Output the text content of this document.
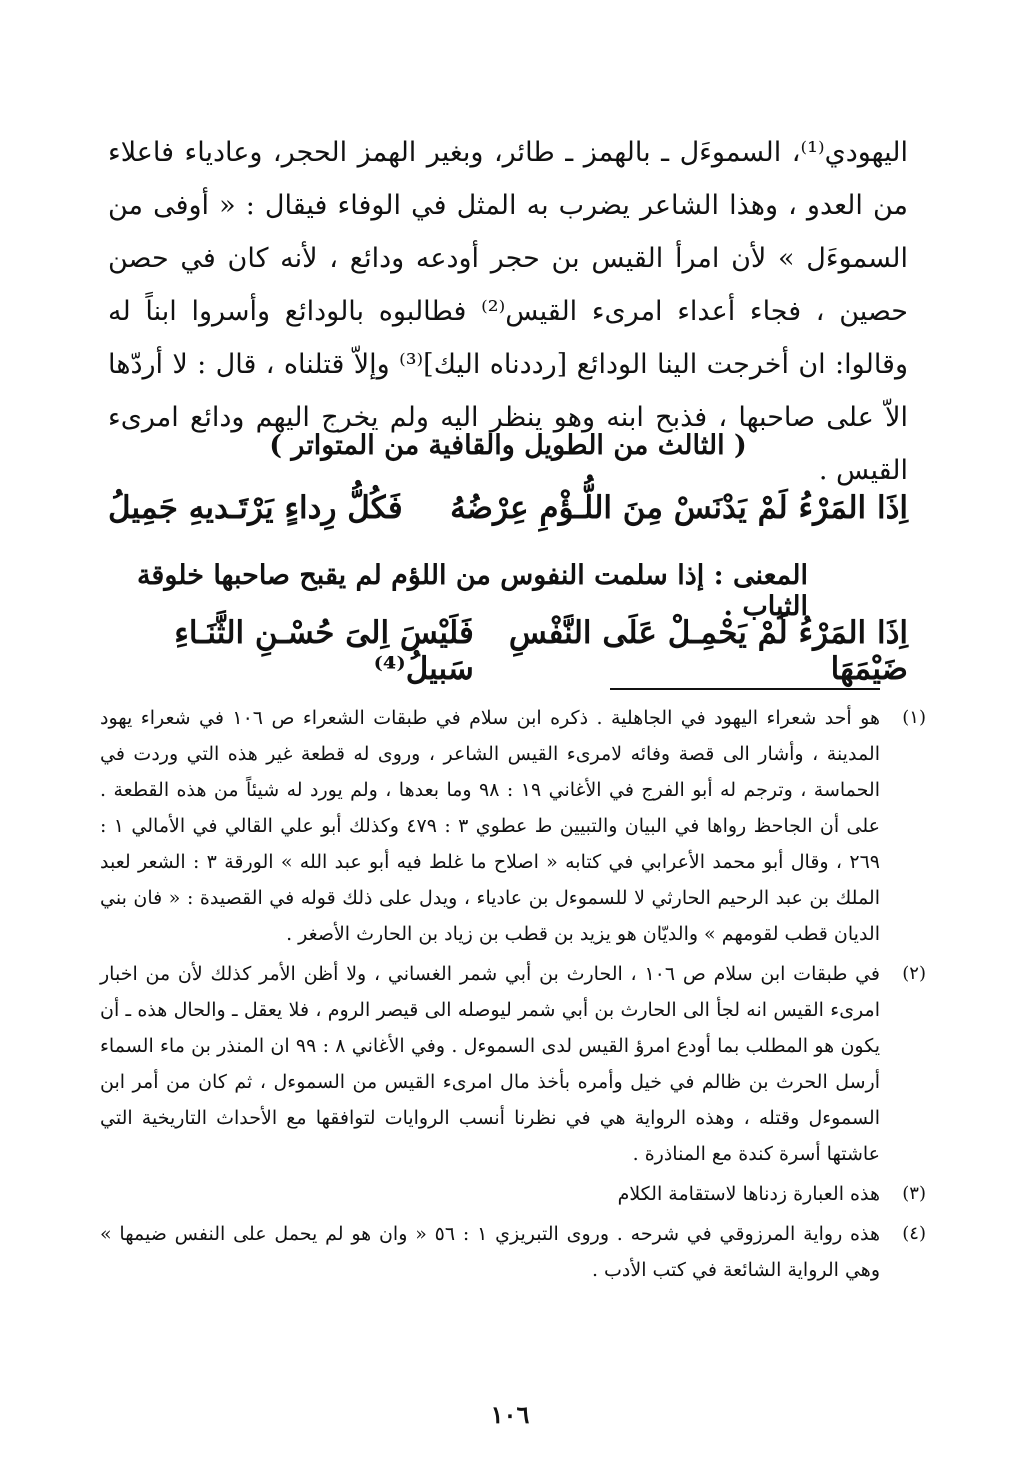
اليهودي⁽¹⁾، السموءَل ـ بالهمز ـ طائر، وبغير الهمز الحجر، وعادياء فاعلاء من العدو ، وهذا الشاعر يضرب به المثل في الوفاء فيقال : « أوفى من السموءَل » لأن امرأ القيس بن حجر أودعه ودائع ، لأنه كان في حصن حصين ، فجاء أعداء امرىء القيس⁽²⁾ فطالبوه بالودائع وأسروا ابناً له وقالوا: ان أخرجت الينا الودائع [رددناه اليك]⁽³⁾ وإلاّ قتلناه ، قال : لا أردّها الاّ على صاحبها ، فذبح ابنه وهو ينظر اليه ولم يخرج اليهم ودائع امرىء القيس .

( الثالث من الطويل والقافية من المتواتر )
اِذَا المَرْءُ لَمْ يَدْنَسْ مِنَ اللُّـؤْمِ عِرْضُهُ
فَكُلُّ رِداءٍ يَرْتَـديهِ جَمِيلُ
المعنى : إذا سلمت النفوس من اللؤم لم يقبح صاحبها خلوقة الثياب .
اِذَا المَرْءُ لَمْ يَحْمِـلْ عَلَى النَّفْسِ ضَيْمَهَا
فَلَيْسَ اِلىَ حُسْـنِ الثَّنَـاءِ سَبيلُ⁽⁴⁾
(١)
هو أحد شعراء اليهود في الجاهلية . ذكره ابن سلام في طبقات الشعراء ص ١٠٦ في شعراء يهود المدينة ، وأشار الى قصة وفائه لامرىء القيس الشاعر ، وروى له قطعة غير هذه التي وردت في الحماسة ، وترجم له أبو الفرج في الأغاني ١٩ : ٩٨ وما بعدها ، ولم يورد له شيئاً من هذه القطعة . على أن الجاحظ رواها في البيان والتبيين ط عطوي ٣ : ٤٧٩ وكذلك أبو علي القالي في الأمالي ١ : ٢٦٩ ، وقال أبو محمد الأعرابي في كتابه « اصلاح ما غلط فيه أبو عبد الله » الورقة ٣ : الشعر لعبد الملك بن عبد الرحيم الحارثي لا للسموءل بن عادياء ، ويدل على ذلك قوله في القصيدة : « فان بني الديان قطب لقومهم » والديّان هو يزيد بن قطب بن زياد بن الحارث الأصغر .
(٢)
في طبقات ابن سلام ص ١٠٦ ، الحارث بن أبي شمر الغساني ، ولا أظن الأمر كذلك لأن من اخبار امرىء القيس انه لجأ الى الحارث بن أبي شمر ليوصله الى قيصر الروم ، فلا يعقل ـ والحال هذه ـ أن يكون هو المطلب بما أودع امرؤ القيس لدى السموءل . وفي الأغاني ٨ : ٩٩ ان المنذر بن ماء السماء أرسل الحرث بن ظالم في خيل وأمره بأخذ مال امرىء القيس من السموءل ، ثم كان من أمر ابن السموءل وقتله ، وهذه الرواية هي في نظرنا أنسب الروايات لتوافقها مع الأحداث التاريخية التي عاشتها أسرة كندة مع المناذرة .
(٣)
هذه العبارة زدناها لاستقامة الكلام
(٤)
هذه رواية المرزوقي في شرحه . وروى التبريزي ١ : ٥٦ « وان هو لم يحمل على النفس ضيمها » وهي الرواية الشائعة في كتب الأدب .
١٠٦
